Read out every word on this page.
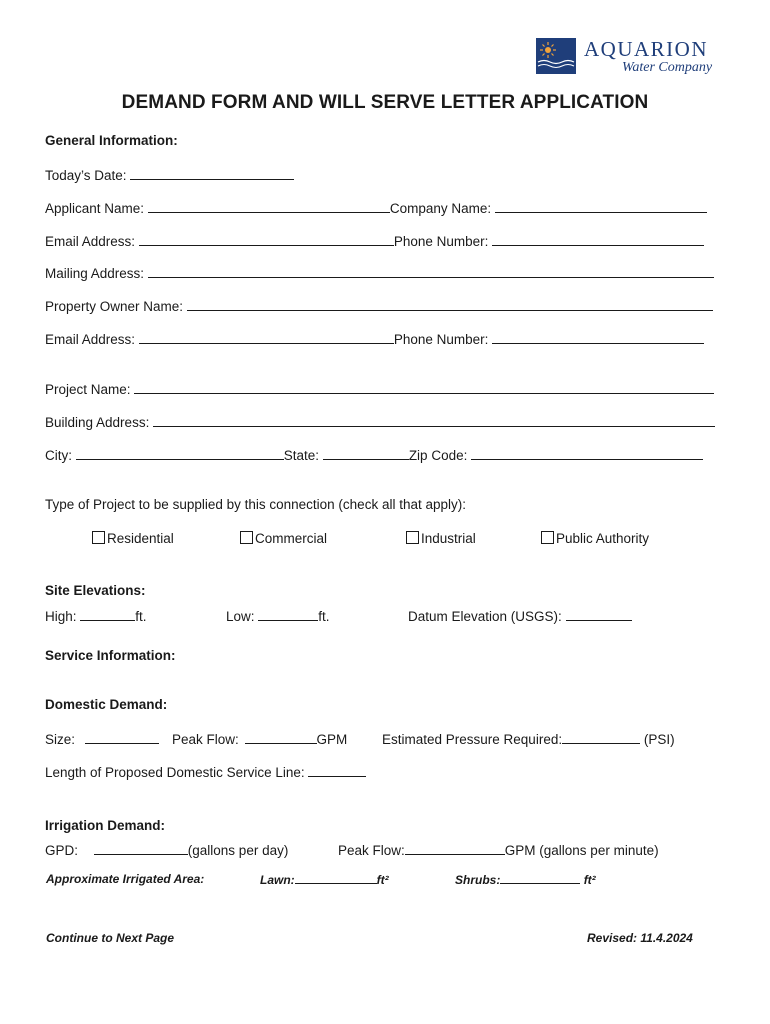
AQUARION
Water Company
DEMAND FORM AND WILL SERVE LETTER APPLICATION
General Information:
Today’s Date:
Applicant Name:	Company Name:
Email Address:	Phone Number:
Mailing Address:
Property Owner Name:
Email Address:	Phone Number:
Project Name:
Building Address:
City:	State:	Zip Code:
Type of Project to be supplied by this connection (check all that apply):
Residential	Commercial	Industrial	Public Authority
Site Elevations:
High:	ft.	Low:	ft.	Datum Elevation (USGS):
Service Information:
Domestic Demand:
Size:	Peak Flow:	GPM	Estimated Pressure Required:	(PSI)
Length of Proposed Domestic Service Line:
Irrigation Demand:
GPD:	(gallons per day)	Peak Flow:	GPM (gallons per minute)
Approximate Irrigated Area:	Lawn:	ft²	Shrubs:	ft²
Continue to Next Page	Revised: 11.4.2024
